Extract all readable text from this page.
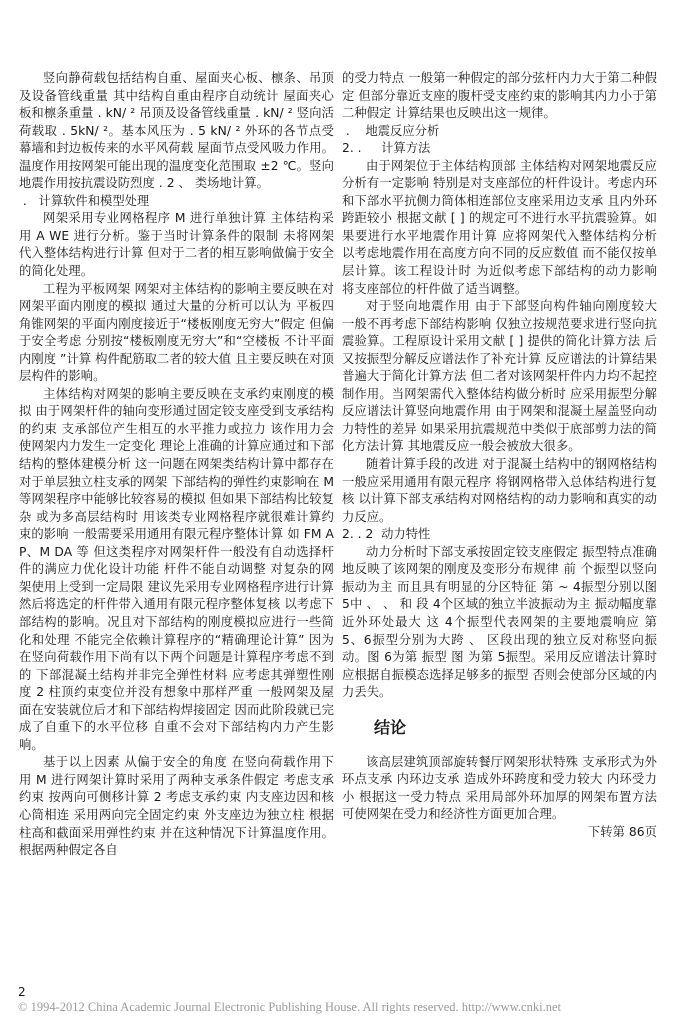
竖向静荷载包括结构自重、屋面夹心板、檩条、吊顶及设备管线重量 其中结构自重由程序自动统计 屋面夹心板和檩条重量 . kN/ ² 吊顶及设备管线重量 . kN/ ² 竖向活荷载取 . 5kN/ ²。基本风压为 . 5 kN/ ² 外环的各节点受幕墙和封边板传来的水平风荷载 屋面节点受风吸力作用。温度作用按网架可能出现的温度变化范围取 ±2 ℃。竖向地震作用按抗震设防烈度 . 2 、 类场地计算。

.   计算软件和模型处理

网架采用专业网格程序 M 进行单独计算 主体结构采用 A WE 进行分析。鉴于当时计算条件的限制 未将网架代入整体结构进行计算 但对于二者的相互影响做偏于安全的简化处理。

工程为平板网架 网架对主体结构的影响主要反映在对网架平面内刚度的模拟 通过大量的分析可以认为 平板四角锥网架的平面内刚度接近于“楼板刚度无穷大”假定 但偏于安全考虑 分别按“楼板刚度无穷大”和“空楼板 不计平面内刚度 ”计算 构件配筋取二者的较大值 且主要反映在对顶层构件的影响。

主体结构对网架的影响主要反映在支承约束刚度的模拟 由于网架杆件的轴向变形通过固定铰支座受到支承结构的约束 支承部位产生相互的水平推力或拉力 该作用力会使网架内力发生一定变化 理论上准确的计算应通过和下部结构的整体建模分析 这一问题在网架类结构计算中都存在 对于单层独立柱支承的网架 下部结构的弹性约束影响在 M 等网架程序中能够比较容易的模拟 但如果下部结构比较复杂 或为多高层结构时 用该类专业网格程序就很难计算约束的影响 一般需要采用通用有限元程序整体计算 如 FM AP、M DA 等 但这类程序对网架杆件一般没有自动选择杆件的满应力优化设计功能 杆件不能自动调整 对复杂的网架使用上受到一定局限 建议先采用专业网格程序进行计算 然后将选定的杆件带入通用有限元程序整体复核 以考虑下部结构的影响。况且对下部结构的刚度模拟应进行一些简化和处理 不能完全依赖计算程序的“精确理论计算” 因为在竖向荷载作用下尚有以下两个问题是计算程序考虑不到的 下部混凝土结构并非完全弹性材料 应考虑其弹塑性刚度 2 柱顶约束变位并没有想象中那样严重 一般网架及屋面在安装就位后才和下部结构焊接固定 因而此阶段就已完成了自重下的水平位移 自重不会对下部结构内力产生影响。

基于以上因素 从偏于安全的角度 在竖向荷载作用下 用 M 进行网架计算时采用了两种支承条件假定 考虑支承约束 按两向可侧移计算 2 考虑支承约束 内支座边因和核心筒相连 采用两向完全固定约束 外支座边为独立柱 根据柱高和截面采用弹性约束 并在这种情况下计算温度作用。根据两种假定各自

的受力特点 一般第一种假定的部分弦杆内力大于第二种假定 但部分靠近支座的腹杆受支座约束的影响其内力小于第二种假定 计算结果也反映出这一规律。

.    地震反应分析

2. .     计算方法

由于网架位于主体结构顶部 主体结构对网架地震反应分析有一定影响 特别是对支座部位的杆件设计。考虑内环和下部水平抗侧力筒体相连部位支座采用边支承 且内外环跨距较小 根据文献 [ ] 的规定可不进行水平抗震验算。如果要进行水平地震作用计算 应将网架代入整体结构分析 以考虑地震作用在高度方向不同的反应数值 而不能仅按单层计算。该工程设计时 为近似考虑下部结构的动力影响 将支座部位的杆件做了适当调整。

对于竖向地震作用 由于下部竖向构件轴向刚度较大 一般不再考虑下部结构影响 仅独立按规范要求进行竖向抗震验算。工程原设计采用文献 [ ] 提供的简化计算方法 后又按振型分解反应谱法作了补充计算 反应谱法的计算结果普遍大于简化计算方法 但二者对该网架杆件内力均不起控制作用。当网架需代入整体结构做分析时 应采用振型分解反应谱法计算竖向地震作用 由于网架和混凝土屋盖竖向动力特性的差异 如果采用抗震规范中类似于底部剪力法的简化方法计算 其地震反应一般会被放大很多。

随着计算手段的改进 对于混凝土结构中的钢网格结构 一般应采用通用有限元程序 将钢网格带入总体结构进行复核 以计算下部支承结构对网格结构的动力影响和真实的动力反应。

2. . 2  动力特性

动力分析时下部支承按固定铰支座假定 振型特点准确地反映了该网架的刚度及变形分布规律 前 个振型以竖向振动为主 而且具有明显的分区特征 第 ~ 4振型分别以图 5中 、 、 和 段 4个区域的独立半波振动为主 振动幅度靠近外环处最大 这 4个振型代表网架的主要地震响应 第 5、6振型分别为大跨 、 区段出现的独立反对称竖向振动。图 6为第 振型 图 为第 5振型。采用反应谱法计算时应根据自振模态选择足够多的振型 否则会使部分区域的内力丢失。

结论

该高层建筑顶部旋转餐厅网架形状特殊 支承形式为外环点支承 内环边支承 造成外环跨度和受力较大 内环受力小 根据这一受力特点 采用局部外环加厚的网架布置方法 可使网架在受力和经济性方面更加合理。

下转第 86页

2
© 1994-2012 China Academic Journal Electronic Publishing House. All rights reserved. http://www.cnki.net
